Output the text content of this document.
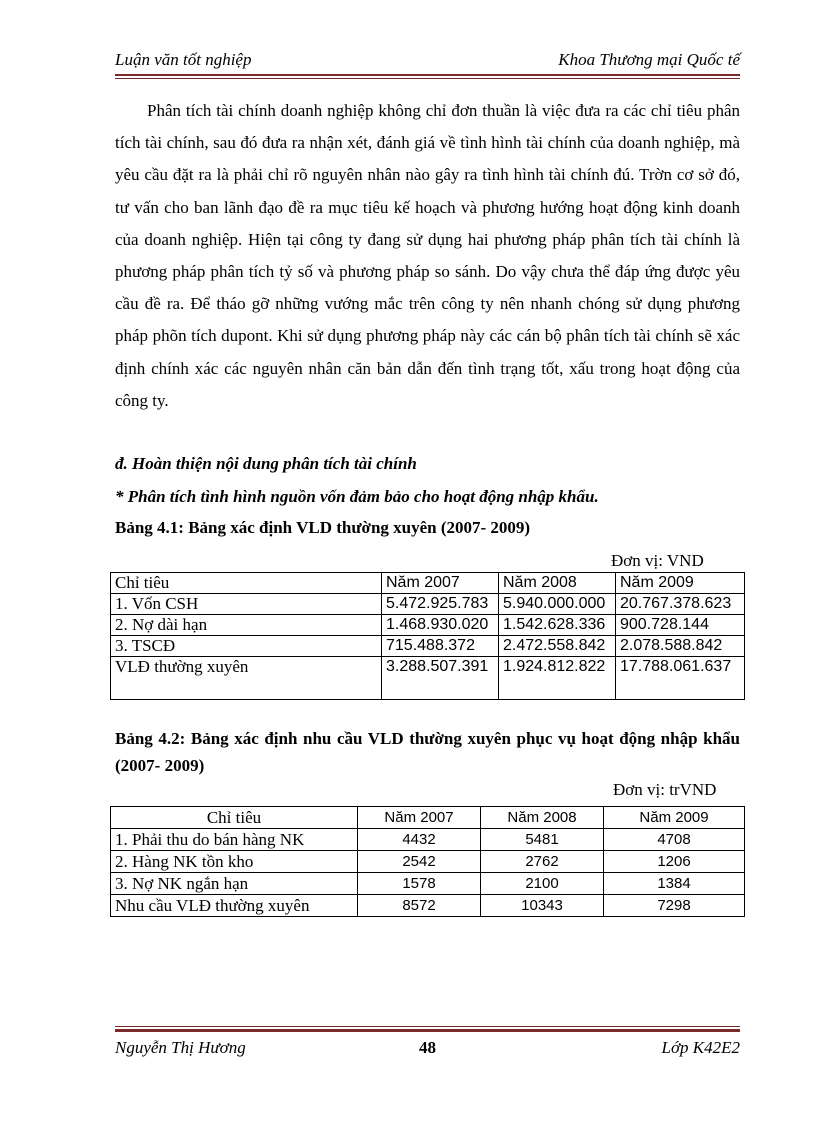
Luận văn tốt nghiệp	Khoa Thương mại Quốc tế
Phân tích tài chính doanh nghiệp không chỉ đơn thuần là việc đưa ra các chỉ tiêu phân tích tài chính, sau đó đưa ra nhận xét, đánh giá về tình hình tài chính của doanh nghiệp, mà yêu cầu đặt ra là phải chỉ rõ nguyên nhân nào gây ra tình hình tài chính đú. Trờn cơ sở đó, tư vấn cho ban lãnh đạo đề ra mục tiêu kế hoạch và phương hướng hoạt động kinh doanh của doanh nghiệp. Hiện tại công ty đang sử dụng hai phương pháp phân tích tài chính là phương pháp phân tích tỷ số và phương pháp so sánh. Do vậy chưa thể đáp ứng được yêu cầu đề ra. Để tháo gỡ những vướng mắc trên công ty nên nhanh chóng sử dụng phương pháp phõn tích dupont. Khi sử dụng phương pháp này các cán bộ phân tích tài chính sẽ xác định chính xác các nguyên nhân căn bản dẫn đến tình trạng tốt, xấu trong hoạt động của công ty.
đ. Hoàn thiện nội dung phân tích tài chính
* Phân tích tình hình nguồn vốn đảm bảo cho hoạt động nhập khẩu.
Bảng 4.1: Bảng xác định VLD thường xuyên (2007- 2009)
Đơn vị: VND
Chỉ tiêu	Năm 2007	Năm 2008	Năm 2009
1. Vốn CSH	5.472.925.783	5.940.000.000	20.767.378.623
2. Nợ dài hạn	1.468.930.020	1.542.628.336	900.728.144
3. TSCĐ	715.488.372	2.472.558.842	2.078.588.842
VLĐ thường xuyên	3.288.507.391	1.924.812.822	17.788.061.637
Bảng 4.2: Bảng xác định nhu cầu VLD thường xuyên phục vụ hoạt động nhập khẩu (2007- 2009)
Đơn vị: trVND
Chỉ tiêu	Năm 2007	Năm 2008	Năm 2009
1. Phải thu do bán hàng NK	4432	5481	4708
2. Hàng NK tồn kho	2542	2762	1206
3. Nợ NK ngắn hạn	1578	2100	1384
Nhu cầu VLĐ thường xuyên	8572	10343	7298
Nguyễn Thị Hương	48	Lớp K42E2
